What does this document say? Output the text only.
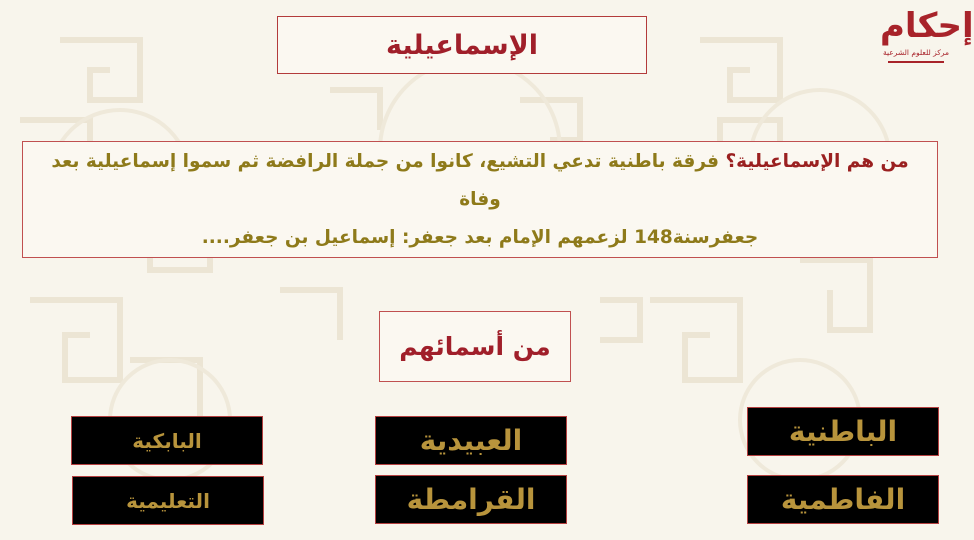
إحكام
مركز للعلوم الشرعية
الإسماعيلية
من هم الإسماعيلية؟ فرقة باطنية تدعي التشيع، كانوا من جملة الرافضة ثم سموا إسماعيلية بعد وفاة
جعفرسنة148 لزعمهم الإمام بعد جعفر: إسماعيل بن جعفر....
من أسمائهم
الباطنية
العبيدية
البابكية
الفاطمية
القرامطة
التعليمية
